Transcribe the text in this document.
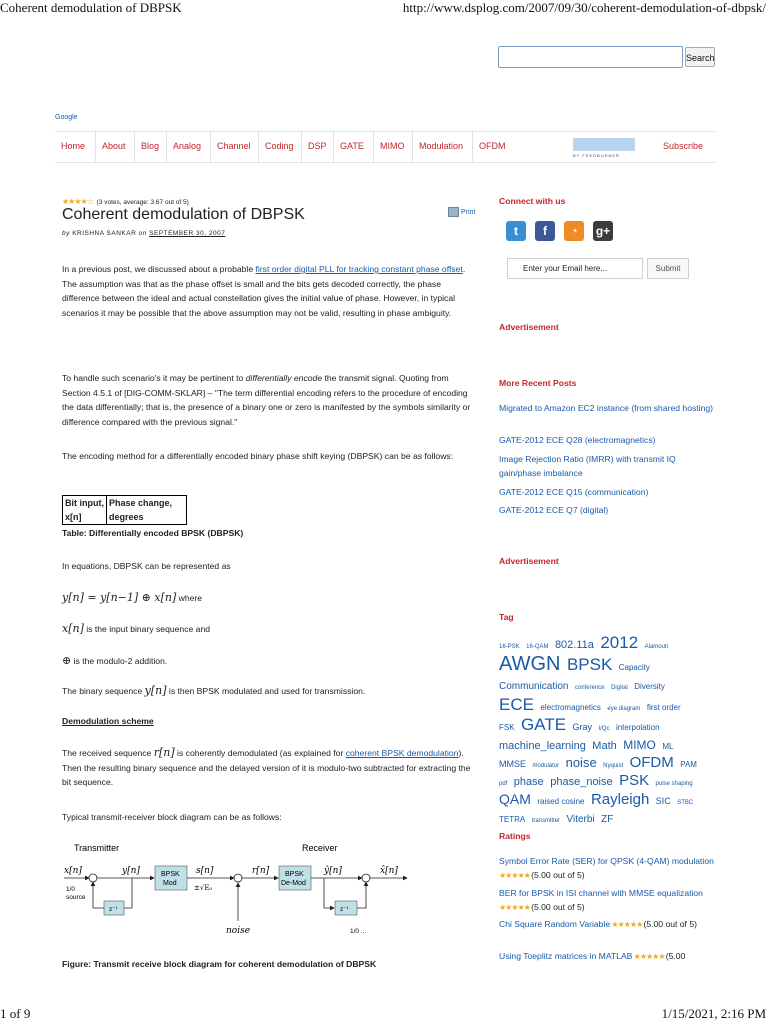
Coherent demodulation of DBPSK	http://www.dsplog.com/2007/09/30/coherent-demodulation-of-dbpsk/
Search
Google
Home	About	Blog	Analog	Channel	Coding	DSP	GATE	MIMO	Modulation	OFDM
BY FEEDBURNER
Subscribe
★★★★☆ (3 votes, average: 3.67 out of 5)
Coherent demodulation of DBPSK	Print
by KRISHNA SANKAR on SEPTEMBER 30, 2007

In a previous post, we discussed about a probable first order digital PLL for tracking constant phase offset. The assumption was that as the phase offset is small and the bits gets decoded correctly, the phase difference between the ideal and actual constellation gives the initial value of phase. However, in typical scenarios it may be possible that the above assumption may not be valid, resulting in phase ambiguity.

To handle such scenario's it may be pertinent to differentially encode the transmit signal. Quoting from Section 4.5.1 of [DIG-COMM-SKLAR] – "The term differential encoding refers to the procedure of encoding the data differentially; that is, the presence of a binary one or zero is manifested by the symbols similarity or difference compared with the previous signal."

The encoding method for a differentially encoded binary phase shift keying (DBPSK) can be as follows:

Bit input, x[n]	Phase change, degrees
Table: Differentially encoded BPSK (DBPSK)

In equations, DBPSK can be represented as

y[n] = y[n−1] ⊕ x[n] where
x[n] is the input binary sequence and
⊕ is the modulo-2 addition.

The binary sequence y[n] is then BPSK modulated and used for transmission.

Demodulation scheme

The received sequence r[n] is coherently demodulated (as explained for coherent BPSK demodulation). Then the resulting binary sequence and the delayed version of it is modulo-two subtracted for extracting the bit sequence.

Typical transmit-receiver block diagram can be as follows:

Transmitter	Receiver
x[n]	y[n]
1/0
source
z⁻¹
BPSK
Mod
s[n]
±√E₀
noise
r[n] BPSK
De-Mod
ŷ[n]
z⁻¹
x̂[n]
1/0 ...
Figure: Transmit receive block diagram for coherent demodulation of DBPSK
Connect with us
t	f	◔	g+
Enter your Email here...	Submit
Advertisement
More Recent Posts
Migrated to Amazon EC2 instance (from shared hosting)
GATE-2012 ECE Q28 (electromagnetics)
Image Rejection Ratio (IMRR) with transmit IQ gain/phase imbalance
GATE-2012 ECE Q15 (communication)
GATE-2012 ECE Q7 (digital)
Advertisement
Tag
16-PSK 16-QAM 802.11a 2012 Alamouti AWGN BPSK Capacity Communication conference Digital Diversity ECE electromagnetics eye diagram first order FSK GATE Gray I/Qc interpolation machine_learning Math MIMO ML MMSE modulator noise Nyquist OFDM PAM pdf phase phase_noise PSK pulse shaping QAM raised cosine Rayleigh SIC STBC TETRA transmitter Viterbi ZF
Ratings
Symbol Error Rate (SER) for QPSK (4-QAM) modulation ★★★★★ (5.00 out of 5)
BER for BPSK in ISI channel with MMSE equalization ★★★★★ (5.00 out of 5)
Chi Square Random Variable ★★★★★ (5.00 out of 5)
Using Toeplitz matrices in MATLAB ★★★★★ (5.00
1 of 9	1/15/2021, 2:16 PM
